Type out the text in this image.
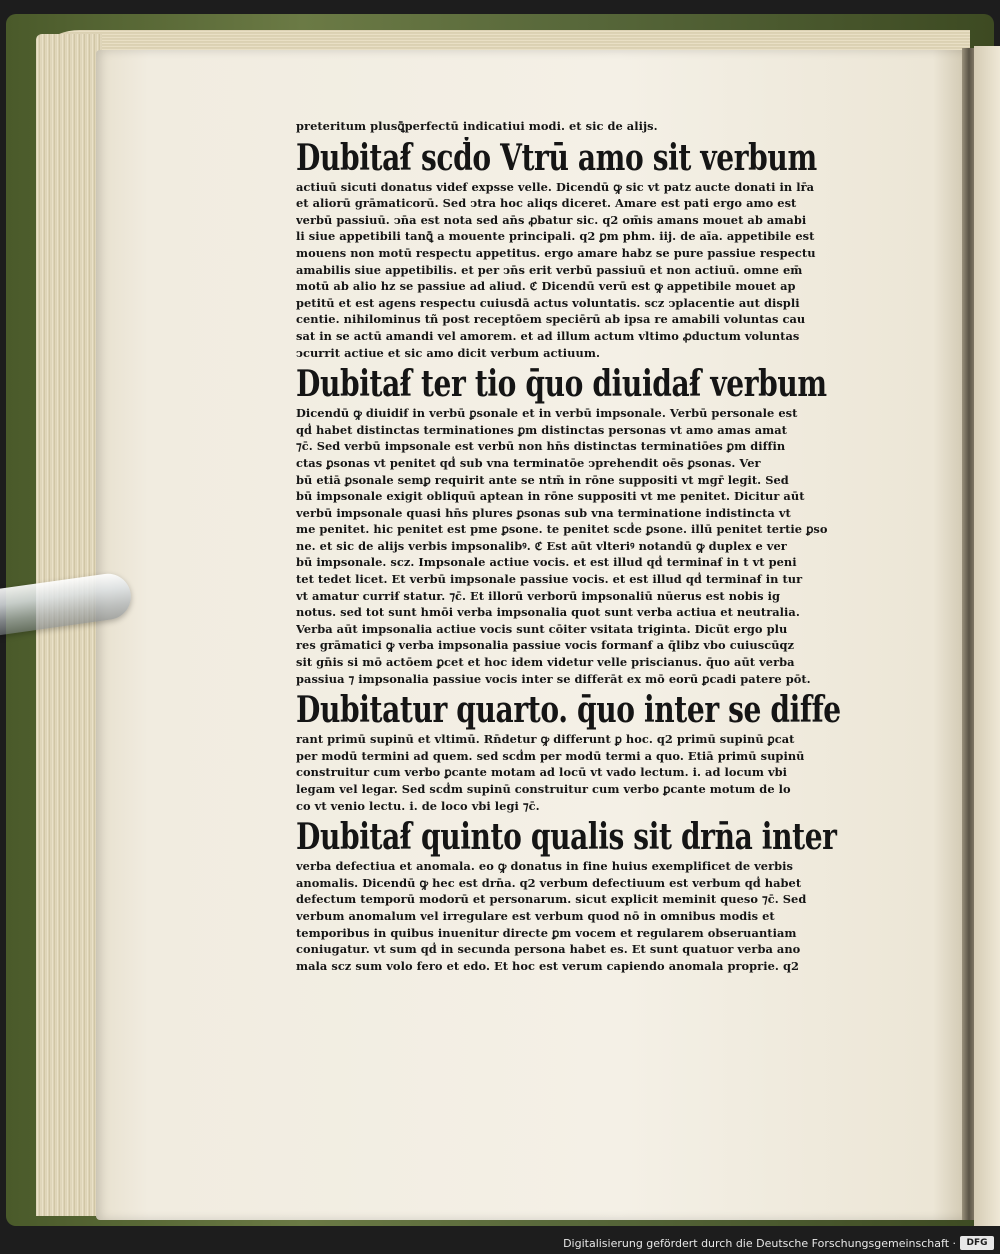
preteritum plusꝗ̄perfectū indicatiui modi. et sic de alijs.
Dubitaẜ scḋo Vtrū amo sit verbum
actiuū sicuti donatus videẜ expsse velle. Dicendū ꝙ sic vt patz aucte donati in lr̄a
et aliorū grāmaticorū. Sed ↄtra hoc aliqs diceret. Amare est pati ergo amo est
verbū passiuū. ↄn̄a est nota sed an̄s ꝓbatur sic. q2 om̄is amans mouet ab amabi
li siue appetibili tanꝗ̄ a mouente principali. q2 ꝑm phm. iij. de aīa. appetibile est
mouens non motū respectu appetitus. ergo amare habz se pure passiue respectu
amabilis siue appetibilis. et per ↄn̄s erit verbū passiuū et non actiuū. omne em̄
motū ab alio hz se passiue ad aliud. ℭ Dicendū verū est ꝙ appetibile mouet ap
petitū et est agens respectu cuiusdā actus voluntatis. scz ↄplacentie aut displi
centie. nihilominus tñ post receptōem speciērū ab ipsa re amabili voluntas cau
sat in se actū amandi vel amorem. et ad illum actum vltimo ꝓductum voluntas
ↄcurrit actiue et sic amo dicit verbum actiuum.
Dubitaẜ ter tio q̄uo diuidaẜ verbum
Dicendū ꝙ diuidiẜ in verbū ꝑsonale et in verbū impsonale. Verbū personale est
qḋ habet distinctas terminationes ꝑm distinctas personas vt amo amas amat
⁊c̄. Sed verbū impsonale est verbū non hn̄s distinctas terminatiōes ꝑm diffin
ctas ꝑsonas vt penitet qḋ sub vna terminatōe ↄprehendit oēs ꝑsonas. Ver
bū etiā ꝑsonale semꝑ requirit ante se ntm̄ in rōne suppositi vt mgr̄ legit. Sed
bū impsonale exigit obliquū aptean in rōne suppositi vt me penitet. Dicitur aūt
verbū impsonale quasi hn̄s plures ꝑsonas sub vna terminatione indistincta vt
me penitet. hic penitet est pme ꝑsone. te penitet scḋe ꝑsone. illū penitet tertie ꝑso
ne. et sic de alijs verbis impsonalibꝰ. ℭ Est aūt vlteriꝰ notandū ꝙ duplex e ver
bū impsonale. scz. Impsonale actiue vocis. et est illud qḋ terminaẜ in t vt peni
tet tedet licet. Et verbū impsonale passiue vocis. et est illud qḋ terminaẜ in tur
vt amatur curriẜ statur. ⁊c̄. Et illorū verborū impsonaliū nūerus est nobis ig
notus. sed tot sunt hmōi verba impsonalia quot sunt verba actiua et neutralia.
Verba aūt impsonalia actiue vocis sunt cōiter vsitata triginta. Dicūt ergo plu
res grāmatici ꝙ verba impsonalia passiue vocis formanẜ a q̄libz vbo cuiuscūqz
sit gn̄is si mō actōem ꝑcet et hoc idem videtur velle priscianus. q̄uo aūt verba
passiua ⁊ impsonalia passiue vocis inter se differāt ex mō eorū ꝑcadi patere pōt.
Dubitatur quarto. q̄uo inter se diffe
rant primū supinū et vltimū. Rn̄detur ꝙ differunt ꝑ hoc. q2 primū supinū ꝑcat
per modū termini ad quem. sed scḋm per modū termi a quo. Etiā primū supinū
construitur cum verbo ꝑcante motam ad locū vt vado lectum. i. ad locum vbi
legam vel legar. Sed scḋm supinū construitur cum verbo ꝑcante motum de lo
co vt venio lectu. i. de loco vbi legi ⁊c̄.
Dubitaẜ quinto qualis sit drn̄a inter
verba defectiua et anomala. eo ꝙ donatus in fine huius exemplificet de verbis
anomalis. Dicendū ꝙ hec est drn̄a. q2 verbum defectiuum est verbum qḋ habet
defectum temporū modorū et personarum. sicut explicit meminit queso ⁊c̄. Sed
verbum anomalum vel irregulare est verbum quod nō in omnibus modis et
temporibus in quibus inuenitur directe ꝑm vocem et regularem obseruantiam
coniugatur. vt sum qḋ in secunda persona habet es. Et sunt quatuor verba ano
mala scz sum volo fero et edo. Et hoc est verum capiendo anomala proprie. q2
Digitalisierung gefördert durch die Deutsche Forschungsgemeinschaft ·	DFG
